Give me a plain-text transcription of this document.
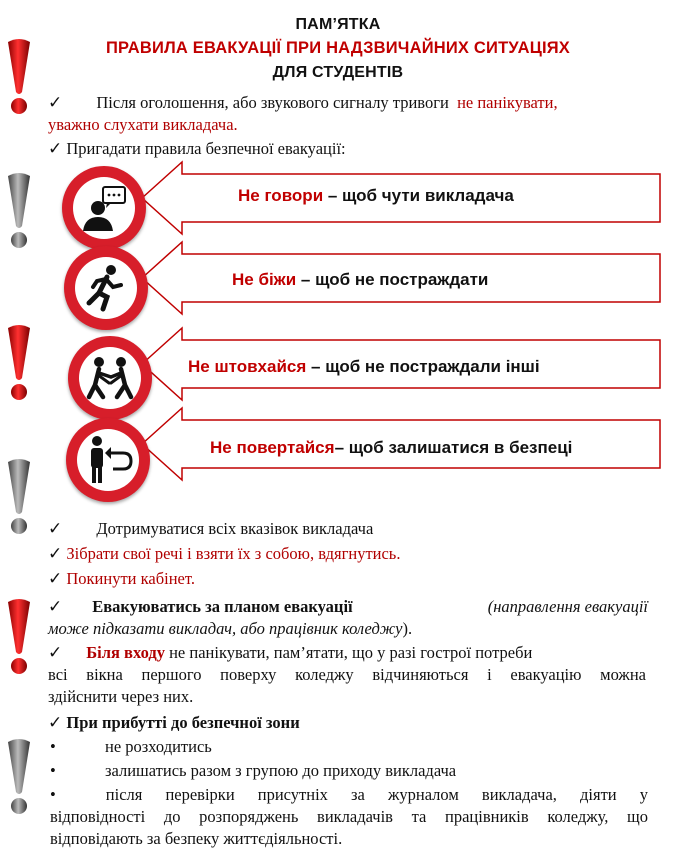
ПАМ’ЯТКА
ПРАВИЛА ЕВАКУАЦІЇ ПРИ НАДЗВИЧАЙНИХ СИТУАЦІЯХ
ДЛЯ СТУДЕНТІВ
✓ Після оголошення, або звукового сигналу тривоги не панікувати,
уважно слухати викладача.
✓ Пригадати правила безпечної евакуації:
Не говори – щоб чути викладача
Не біжи – щоб не постраждати
Не штовхайся – щоб не постраждали інші
Не повертайся– щоб залишатися в безпеці
✓ Дотримуватися всіх вказівок викладача
✓ Зібрати свої речі і взяти їх з собою, вдягнутись.
✓ Покинути кабінет.
✓ Евакуюватись за планом евакуації	(направлення евакуації
може підказати викладач, або працівник коледжу).
✓ Біля входу не панікувати, пам’ятати, що у разі гострої потреби
всі вікна першого поверху коледжу відчиняються і евакуацію можна
здійснити через них.
✓ При прибутті до безпечної зони
•	не розходитись
•	залишатись разом з групою до приходу викладача
•	після перевірки присутніх за журналом викладача, діяти у
відповідності до розпоряджень викладачів та працівників коледжу, що
відповідають за безпеку життєдіяльності.
